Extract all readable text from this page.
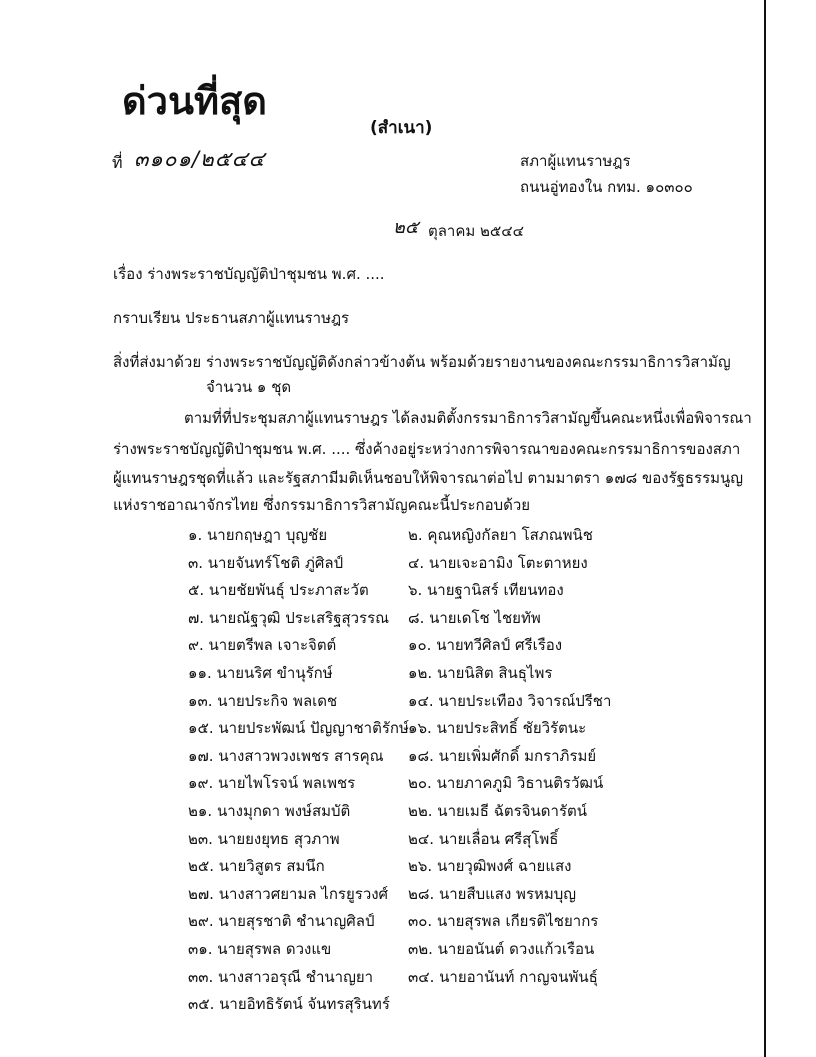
ด่วนที่สุด
(สำเนา)
ที่ ๓๑๐๑/๒๕๔๔	สภาผู้แทนราษฎร
ถนนอู่ทองใน กทม. ๑๐๓๐๐
๒๕ ตุลาคม ๒๕๔๔
เรื่อง ร่างพระราชบัญญัติป่าชุมชน พ.ศ. ....
กราบเรียน ประธานสภาผู้แทนราษฎร
สิ่งที่ส่งมาด้วย ร่างพระราชบัญญัติดังกล่าวข้างต้น พร้อมด้วยรายงานของคณะกรรมาธิการวิสามัญ
จำนวน ๑ ชุด
ตามที่ที่ประชุมสภาผู้แทนราษฎร ได้ลงมติตั้งกรรมาธิการวิสามัญขึ้นคณะหนึ่งเพื่อพิจารณา
ร่างพระราชบัญญัติป่าชุมชน พ.ศ. .... ซึ่งค้างอยู่ระหว่างการพิจารณาของคณะกรรมาธิการของสภา
ผู้แทนราษฎรชุดที่แล้ว และรัฐสภามีมติเห็นชอบให้พิจารณาต่อไป ตามมาตรา ๑๗๘ ของรัฐธรรมนูญ
แห่งราชอาณาจักรไทย ซึ่งกรรมาธิการวิสามัญคณะนี้ประกอบด้วย
๑. นายกฤษฎา บุญชัย	๒. คุณหญิงกัลยา โสภณพนิช
๓. นายจันทร์โชติ ภู่ศิลป์	๔. นายเจะอามิง โตะตาหยง
๕. นายชัยพันธุ์ ประภาสะวัต	๖. นายฐานิสร์ เทียนทอง
๗. นายณัฐวุฒิ ประเสริฐสุวรรณ ๘. นายเดโช ไชยทัพ
๙. นายตรีพล เจาะจิตต์	๑๐. นายทวีศิลป์ ศรีเรือง
๑๑. นายนริศ ขำนุรักษ์	๑๒. นายนิสิต สินธุไพร
๑๓. นายประกิจ พลเดช	๑๔. นายประเทือง วิจารณ์ปรีชา
๑๕. นายประพัฒน์ ปัญญาชาติรักษ์ ๑๖. นายประสิทธิ์ ชัยวิรัตนะ
๑๗. นางสาวพวงเพชร สารคุณ ๑๘. นายเพิ่มศักดิ์ มกราภิรมย์
๑๙. นายไพโรจน์ พลเพชร	๒๐. นายภาคภูมิ วิธานติรวัฒน์
๒๑. นางมุกดา พงษ์สมบัติ	๒๒. นายเมธี ฉัตรจินดารัตน์
๒๓. นายยงยุทธ สุวภาพ	๒๔. นายเลื่อน ศรีสุโพธิ์
๒๕. นายวิสูตร สมนึก	๒๖. นายวุฒิพงศ์ ฉายแสง
๒๗. นางสาวศยามล ไกรยูรวงศ์ ๒๘. นายสืบแสง พรหมบุญ
๒๙. นายสุรชาติ ชำนาญศิลป์ ๓๐. นายสุรพล เกียรติไชยากร
๓๑. นายสุรพล ดวงแข	๓๒. นายอนันต์ ดวงแก้วเรือน
๓๓. นางสาวอรุณี ชำนาญยา ๓๔. นายอานันท์ กาญจนพันธุ์
๓๕. นายอิทธิรัตน์ จันทรสุรินทร์
